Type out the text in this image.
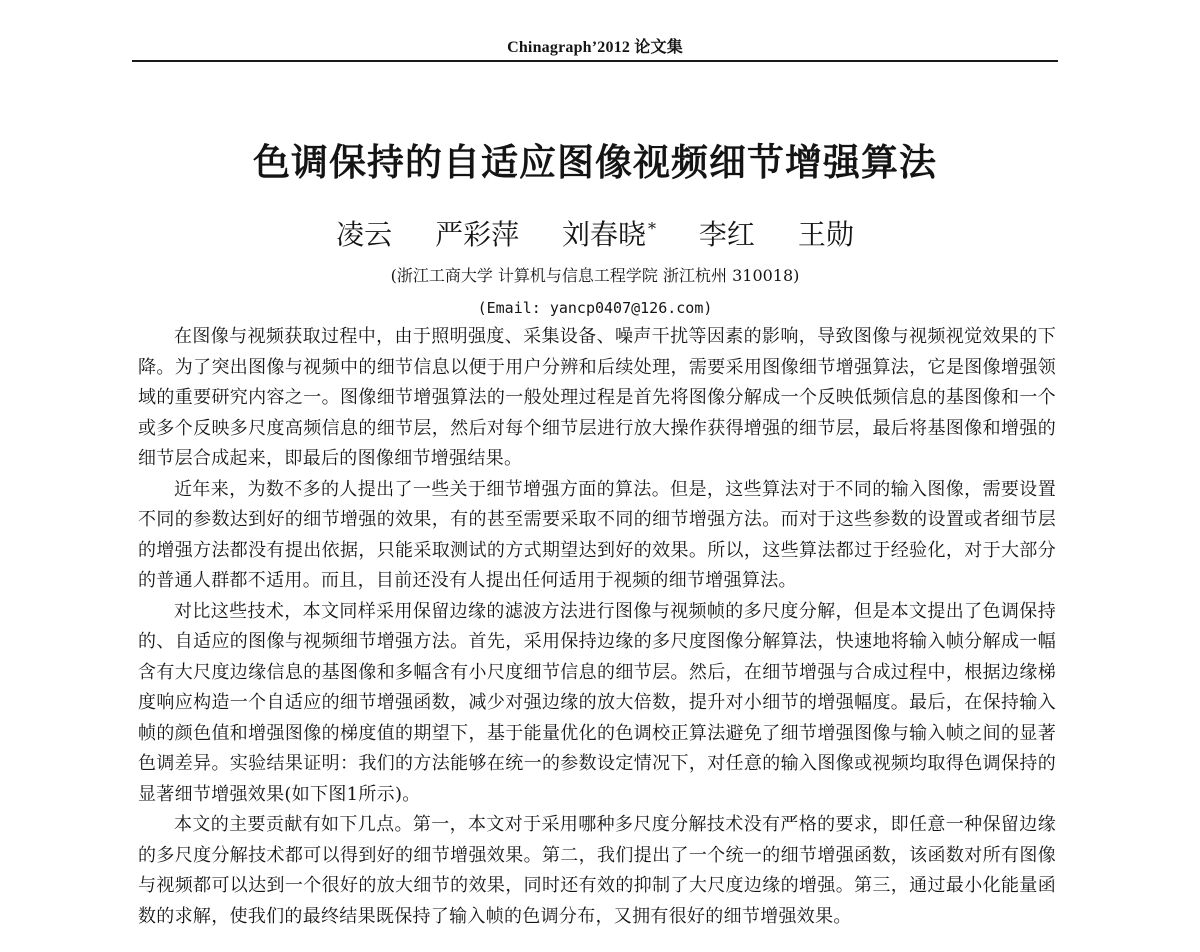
Chinagraph’2012 论文集
色调保持的自适应图像视频细节增强算法
凌云 严彩萍 刘春晓 * 李红 王勋
(浙江工商大学 计算机与信息工程学院 浙江杭州 310018)
(Email: yancp0407@126.com)

在图像与视频获取过程中，由于照明强度、采集设备、噪声干扰等因素的影响，导致图像与视频视觉效果的下降。为了突出图像与视频中的细节信息以便于用户分辨和后续处理，需要采用图像细节增强算法，它是图像增强领域的重要研究内容之一。图像细节增强算法的一般处理过程是首先将图像分解成一个反映低频信息的基图像和一个或多个反映多尺度高频信息的细节层，然后对每个细节层进行放大操作获得增强的细节层，最后将基图像和增强的细节层合成起来，即最后的图像细节增强结果。

近年来，为数不多的人提出了一些关于细节增强方面的算法。但是，这些算法对于不同的输入图像，需要设置不同的参数达到好的细节增强的效果，有的甚至需要采取不同的细节增强方法。而对于这些参数的设置或者细节层的增强方法都没有提出依据，只能采取测试的方式期望达到好的效果。所以，这些算法都过于经验化，对于大部分的普通人群都不适用。而且，目前还没有人提出任何适用于视频的细节增强算法。

对比这些技术，本文同样采用保留边缘的滤波方法进行图像与视频帧的多尺度分解，但是本文提出了色调保持的、自适应的图像与视频细节增强方法。首先，采用保持边缘的多尺度图像分解算法，快速地将输入帧分解成一幅含有大尺度边缘信息的基图像和多幅含有小尺度细节信息的细节层。然后，在细节增强与合成过程中，根据边缘梯度响应构造一个自适应的细节增强函数，减少对强边缘的放大倍数，提升对小细节的增强幅度。最后，在保持输入帧的颜色值和增强图像的梯度值的期望下，基于能量优化的色调校正算法避免了细节增强图像与输入帧之间的显著色调差异。实验结果证明：我们的方法能够在统一的参数设定情况下，对任意的输入图像或视频均取得色调保持的显著细节增强效果(如下图1所示)。

本文的主要贡献有如下几点。第一，本文对于采用哪种多尺度分解技术没有严格的要求，即任意一种保留边缘的多尺度分解技术都可以得到好的细节增强效果。第二，我们提出了一个统一的细节增强函数，该函数对所有图像与视频都可以达到一个很好的放大细节的效果，同时还有效的抑制了大尺度边缘的增强。第三，通过最小化能量函数的求解，使我们的最终结果既保持了输入帧的色调分布，又拥有很好的细节增强效果。
